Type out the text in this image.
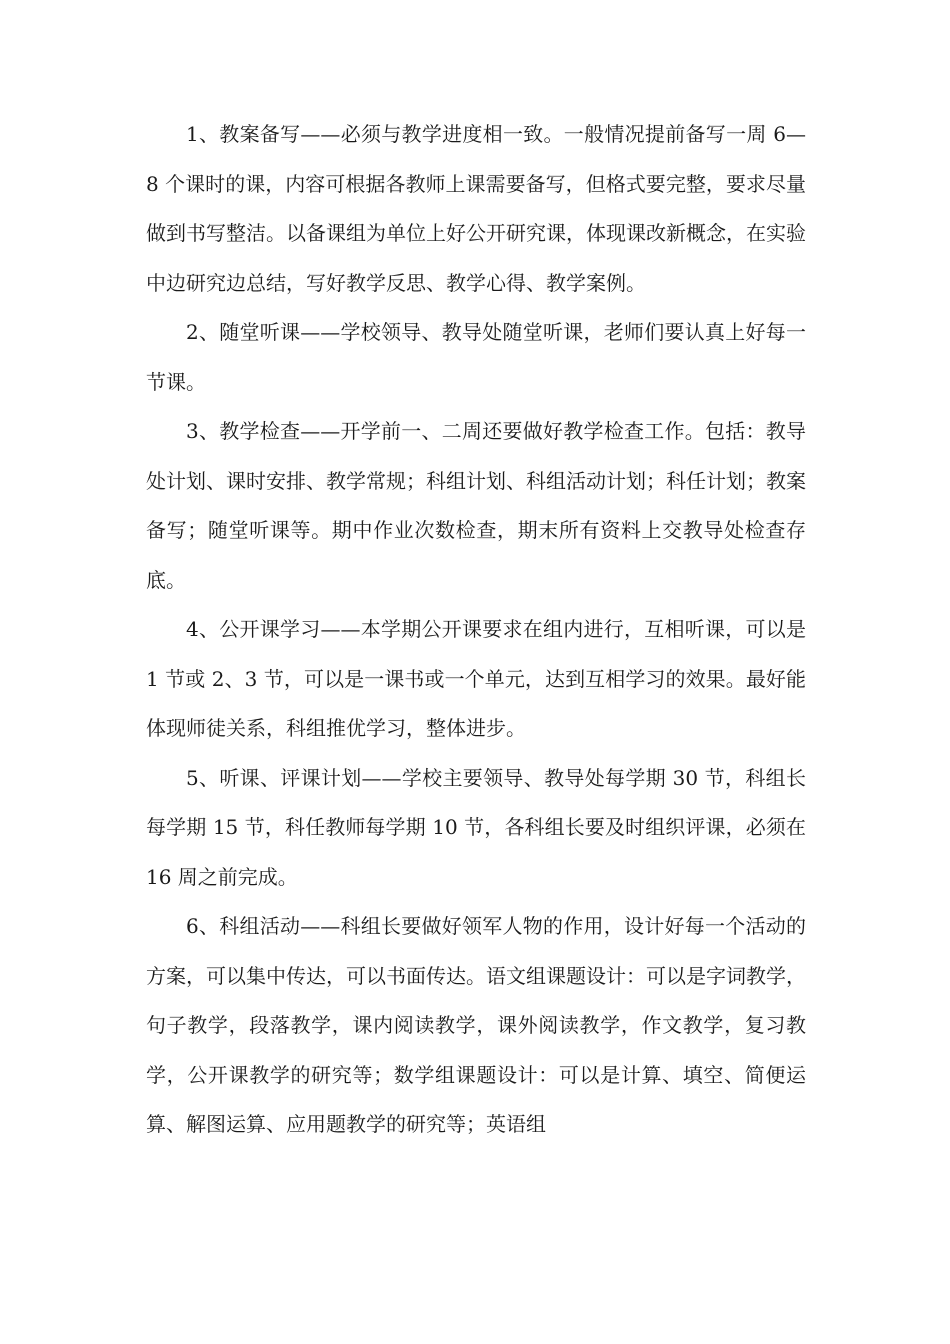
1、教案备写——必须与教学进度相一致。一般情况提前备写一周 6—8 个课时的课，内容可根据各教师上课需要备写，但格式要完整，要求尽量做到书写整洁。以备课组为单位上好公开研究课，体现课改新概念，在实验中边研究边总结，写好教学反思、教学心得、教学案例。

2、随堂听课——学校领导、教导处随堂听课，老师们要认真上好每一节课。

3、教学检查——开学前一、二周还要做好教学检查工作。包括：教导处计划、课时安排、教学常规；科组计划、科组活动计划；科任计划；教案备写；随堂听课等。期中作业次数检查，期末所有资料上交教导处检查存底。

4、公开课学习——本学期公开课要求在组内进行，互相听课，可以是 1 节或 2、3 节，可以是一课书或一个单元，达到互相学习的效果。最好能体现师徒关系，科组推优学习，整体进步。

5、听课、评课计划——学校主要领导、教导处每学期 30 节，科组长每学期 15 节，科任教师每学期 10 节，各科组长要及时组织评课，必须在 16 周之前完成。

6、科组活动——科组长要做好领军人物的作用，设计好每一个活动的方案，可以集中传达，可以书面传达。语文组课题设计：可以是字词教学，句子教学，段落教学，课内阅读教学，课外阅读教学，作文教学，复习教学，公开课教学的研究等；数学组课题设计：可以是计算、填空、简便运算、解图运算、应用题教学的研究等；英语组
